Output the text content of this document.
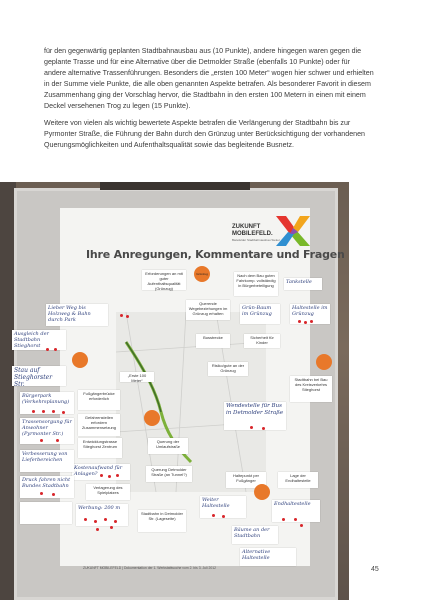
für den gegenwärtig geplanten Stadtbahnausbau aus (10 Punkte), andere hingegen waren gegen die geplante Trasse und für eine Alternative über die Detmolder Straße (ebenfalls 10 Punkte) oder für andere alternative Trassenführungen. Besonders die „ersten 100 Meter“ wogen hier schwer und erhielten in der Summe viele Punkte, die alle oben genannten Aspekte betrafen. Als besonderer Favorit in diesem Zusammenhang ging der Vorschlag hervor, die Stadtbahn in den ersten 100 Metern in einen mit einem Deckel versehenen Trog zu legen (15 Punkte).

Weitere von vielen als wichtig bewertete Aspekte betrafen die Verlängerung der Stadtbahn bis zur Pyrmonter Straße, die Führung der Bahn durch den Grünzug unter Berücksichtigung der vorhandenen Querungsmöglichkeiten und Aufenthaltsqualität sowie das begleitende Busnetz.

ZUKUNFT
MOBILEFELD.
Bielefelder Stadtbahnausbau Sieker
Ihre Anregungen, Kommentare und Fragen
Erforderungen an mit guter Aufenthaltsqualität (Grünzug)
Grünzug	Nach dem Bau guten Fahrkomp. vollständig in Bürgerbeteiligung
Tankstelle
Lieber Weg bis Holzweg & Bahn durch Park
Querende Wegebeziehungen im Grünzug erhalten
Grün-Baum im Grünzug
Haltestelle im Grünzug
Ausgleich der Stadtbahn Stieghorst
Busstrecke	Sicherheit für Kinder
Stau auf Stieghorster Str.
„Erste 100 Meter“
Risiko/gute an der Grünzug
Stadtbahn bei Bau des Kreisverkehrs Stieghorst
Fußgängerbrücke erforderlich
Bürgerpark (Verkehrsplanung)
Gefahrenstellen erfordern Zusammensetzung
Trassensorgung für Anwohner (Pyrmonter Str.)
Entwicklungstrasse Stieghorst Zentrum
Wendestelle für Bus in Detmolder Straße
Querung der Umlaufstraße
Kostenaufwand für Anlagen?
Verbesserung von Lieferbereichen
Verlagerung des Spielplatzes
Querung Detmolder Straße (an Tunnel?)	Haltepunkt per Fußgänger
Lage der Endhaltestelle
Druck fahren nicht Bundes Stadtbahn
Werbung: 200 m
Stadtbahn in Detmolder Str. (Lageseite)
Weiter Haltestelle	Endhaltestelle
Bäume an der Stadtbahn
Alternative Haltestelle
ZUKUNFT MOBILEFELD | Dokumentation der 1. Werkstattwoche vom 2. bis 3. Juli 2012	45
